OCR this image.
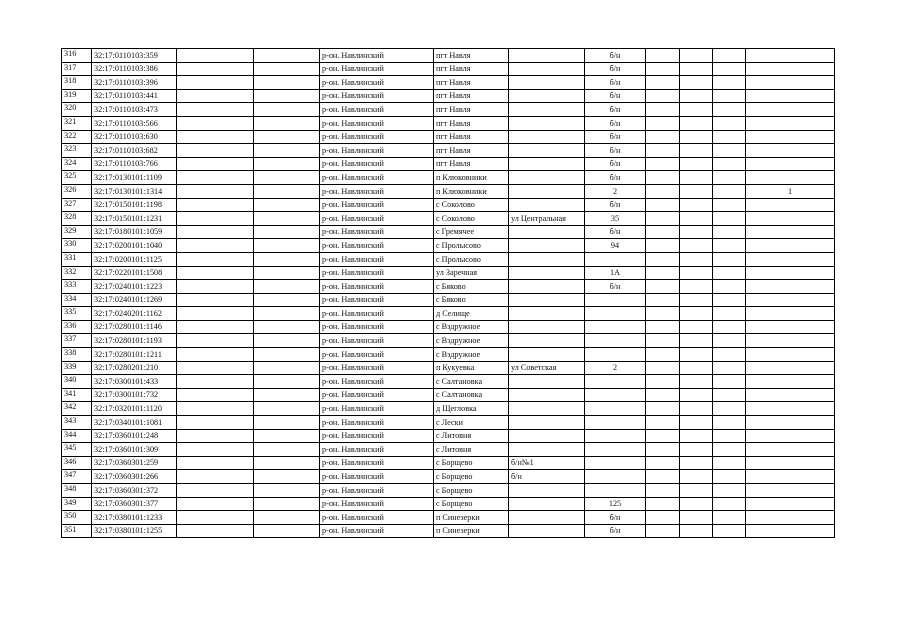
316	32:17:0110103:359			р-он. Навлинский	пгт Навля		б/н				
317	32:17:0110103:386			р-он. Навлинский	пгт Навля		б/н				
318	32:17:0110103:396			р-он. Навлинский	пгт Навля		б/н				
319	32:17:0110103:441			р-он. Навлинский	пгт Навля		б/н				
320	32:17:0110103:473			р-он. Навлинский	пгт Навля		б/н				
321	32:17:0110103:566			р-он. Навлинский	пгт Навля		б/н				
322	32:17:0110103:630			р-он. Навлинский	пгт Навля		б/н				
323	32:17:0110103:682			р-он. Навлинский	пгт Навля		б/н				
324	32:17:0110103:766			р-он. Навлинский	пгт Навля		б/н				
325	32:17:0130101:1109			р-он. Навлинский	п Клюковники		б/н				
326	32:17:0130101:1314			р-он. Навлинский	п Клюковники		2				1
327	32:17:0150101:1198			р-он. Навлинский	с Соколово		б/н				
328	32:17:0150101:1231			р-он. Навлинский	с Соколово	ул Центральная	35				
329	32:17:0180101:1059			р-он. Навлинский	с Гремячее		б/н				
330	32:17:0200101:1040			р-он. Навлинский	с Пролысово		94				
331	32:17:0200101:1125			р-он. Навлинский	с Пролысово						
332	32:17:0220101:1508			р-он. Навлинский	ул Заречная		1А				
333	32:17:0240101:1223			р-он. Навлинский	с Бяково		б/н				
334	32:17:0240101:1269			р-он. Навлинский	с Бяково						
335	32:17:0240201:1162			р-он. Навлинский	д Селище						
336	32:17:0280101:1146			р-он. Навлинский	с Вздружное						
337	32:17:0280101:1193			р-он. Навлинский	с Вздружное						
338	32:17:0280101:1211			р-он. Навлинский	с Вздружное						
339	32:17:0280201:210			р-он. Навлинский	п Кукуевка	ул Советская	2				
340	32:17:0300101:433			р-он. Навлинский	с Салтановка						
341	32:17:0300101:732			р-он. Навлинский	с Салтановка						
342	32:17:0320101:1120			р-он. Навлинский	д Щегловка						
343	32:17:0340101:1081			р-он. Навлинский	с Лески						
344	32:17:0360101:248			р-он. Навлинский	с Литовня						
345	32:17:0360101:309			р-он. Навлинский	с Литовня						
346	32:17:0360301:259			р-он. Навлинский	с Борщево	б/н№1					
347	32:17:0360301:266			р-он. Навлинский	с Борщево	б/н					
348	32:17:0360301:372			р-он. Навлинский	с Борщево						
349	32:17:0360301:377			р-он. Навлинский	с Борщево		125				
350	32:17:0380101:1233			р-он. Навлинский	п Синезерки		б/н				
351	32:17:0380101:1255			р-он. Навлинский	п Синезерки		б/н				
